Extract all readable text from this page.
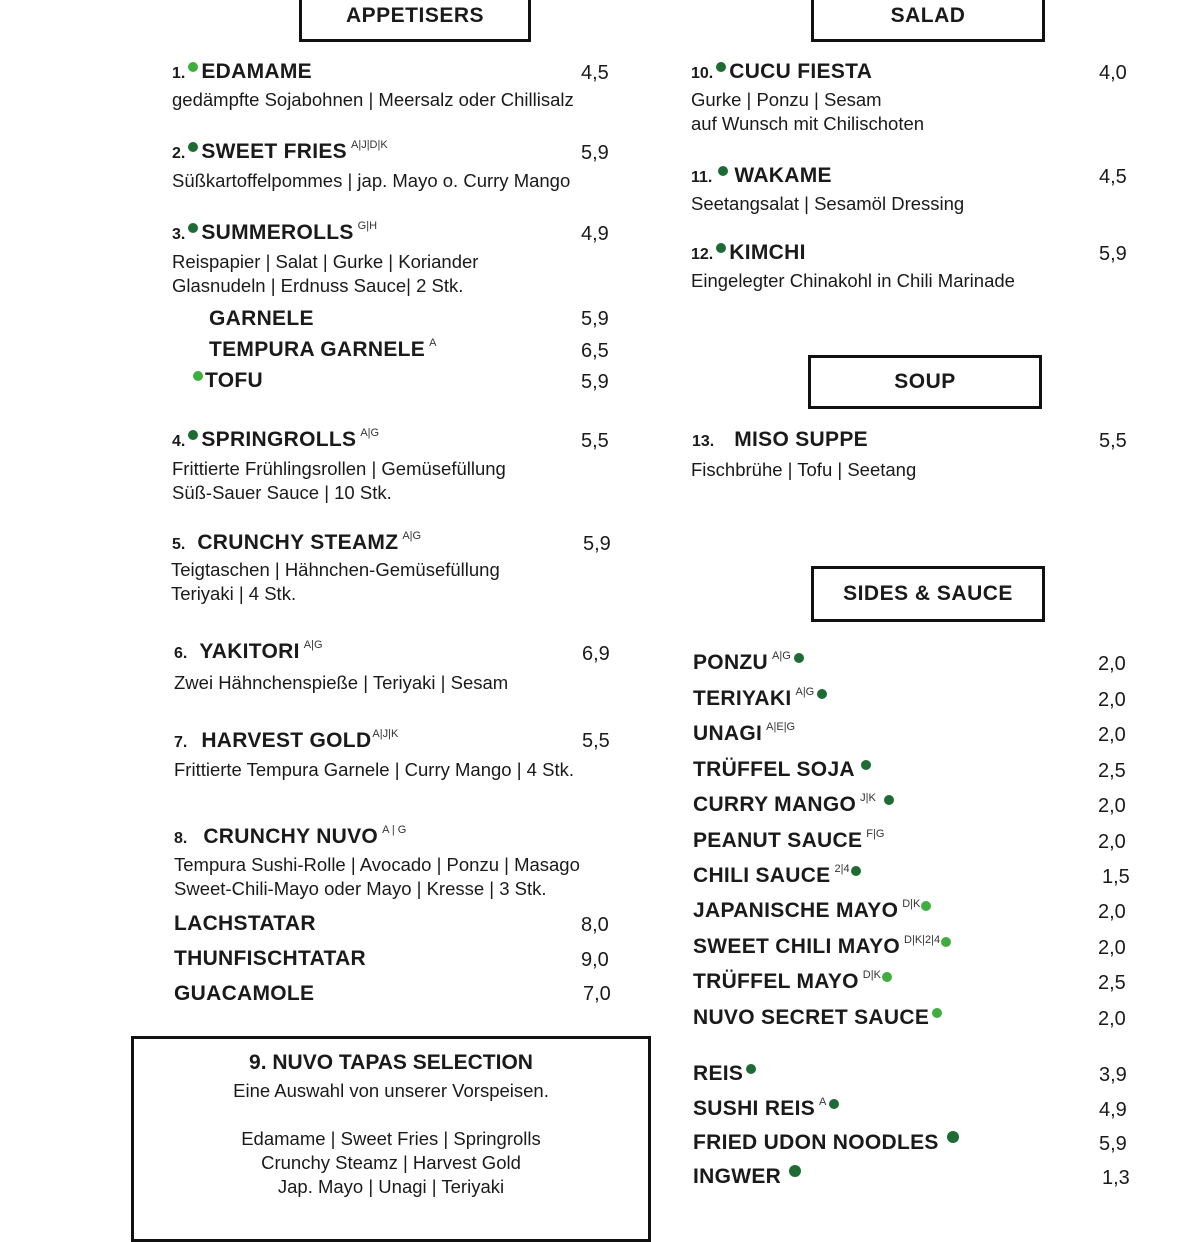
APPETISERS	SALAD
SOUP
SIDES & SAUCE
1. EDAMAME	4,5
gedämpfte Sojabohnen | Meersalz oder Chillisalz
2. SWEET FRIES A|J|D|K	5,9
Süßkartoffelpommes | jap. Mayo o. Curry Mango
3. SUMMEROLLS G|H	4,9
Reispapier | Salat | Gurke | Koriander
Glasnudeln | Erdnuss Sauce| 2 Stk.
GARNELE	5,9
TEMPURA GARNELE A	6,5
TOFU	5,9
4. SPRINGROLLS A|G	5,5
Frittierte Frühlingsrollen | Gemüsefüllung
Süß-Sauer Sauce | 10 Stk.
5. CRUNCHY STEAMZ A|G	5,9
Teigtaschen | Hähnchen-Gemüsefüllung
Teriyaki | 4 Stk.
6. YAKITORI A|G	6,9
Zwei Hähnchenspieße | Teriyaki | Sesam
7. HARVEST GOLD A|J|K	5,5
Frittierte Tempura Garnele | Curry Mango | 4 Stk.
8. CRUNCHY NUVO A | G
Tempura Sushi-Rolle | Avocado | Ponzu | Masago
Sweet-Chili-Mayo oder Mayo | Kresse | 3 Stk.
LACHSTATAR	8,0
THUNFISCHTATAR	9,0
GUACAMOLE	7,0
9. NUVO TAPAS SELECTION
Eine Auswahl von unserer Vorspeisen.
Edamame | Sweet Fries | Springrolls
Crunchy Steamz | Harvest Gold
Jap. Mayo | Unagi | Teriyaki
10. CUCU FIESTA	4,0
Gurke | Ponzu | Sesam
auf Wunsch mit Chilischoten
11. WAKAME	4,5
Seetangsalat | Sesamöl Dressing
12. KIMCHI	5,9
Eingelegter Chinakohl in Chili Marinade
13. MISO SUPPE	5,5
Fischbrühe | Tofu | Seetang
PONZU A|G	2,0
TERIYAKI A|G	2,0
UNAGI A|E|G	2,0
TRÜFFEL SOJA	2,5
CURRY MANGO J|K	2,0
PEANUT SAUCE F|G	2,0
CHILI SAUCE 2|4	1,5
JAPANISCHE MAYO D|K	2,0
SWEET CHILI MAYO D|K|2|4	2,0
TRÜFFEL MAYO D|K	2,5
NUVO SECRET SAUCE	2,0
REIS	3,9
SUSHI REIS A	4,9
FRIED UDON NOODLES	5,9
INGWER	1,3
